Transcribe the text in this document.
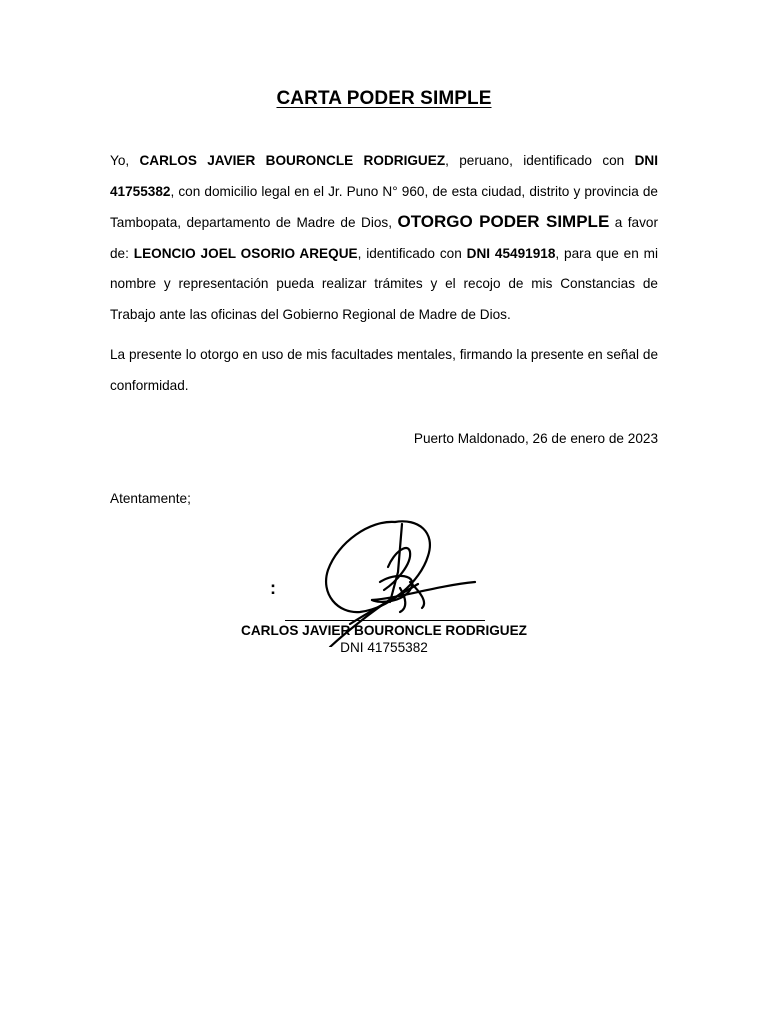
CARTA PODER SIMPLE
Yo, CARLOS JAVIER BOURONCLE RODRIGUEZ, peruano, identificado con DNI 41755382, con domicilio legal en el Jr. Puno N° 960, de esta ciudad, distrito y provincia de Tambopata, departamento de Madre de Dios, OTORGO PODER SIMPLE a favor de: LEONCIO JOEL OSORIO AREQUE, identificado con DNI 45491918, para que en mi nombre y representación pueda realizar trámites y el recojo de mis Constancias de Trabajo ante las oficinas del Gobierno Regional de Madre de Dios.
La presente lo otorgo en uso de mis facultades mentales, firmando la presente en señal de conformidad.
Puerto Maldonado, 26 de enero de 2023
Atentamente;
:
CARLOS JAVIER BOURONCLE RODRIGUEZ
DNI 41755382
